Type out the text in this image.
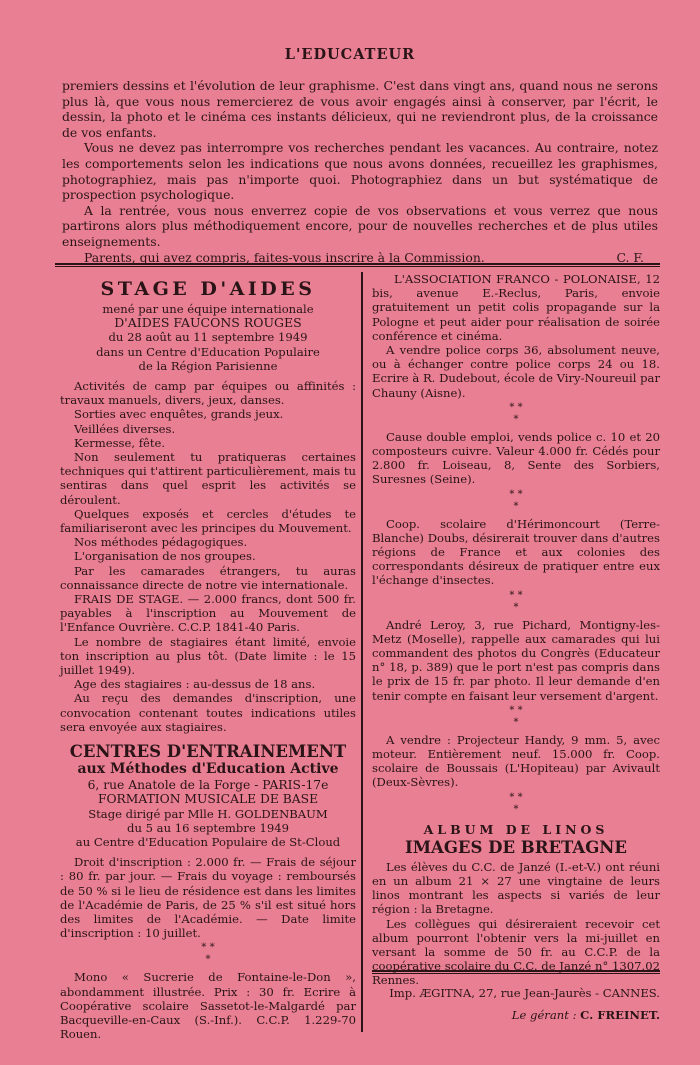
L'EDUCATEUR

premiers dessins et l'évolution de leur graphisme. C'est dans vingt ans, quand nous ne serons plus là, que vous nous remercierez de vous avoir engagés ainsi à conserver, par l'écrit, le dessin, la photo et le cinéma ces instants délicieux, qui ne reviendront plus, de la croissance de vos enfants.

Vous ne devez pas interrompre vos recherches pendant les vacances. Au contraire, notez les comportements selon les indications que nous avons données, recueillez les graphismes, photographiez, mais pas n'importe quoi. Photographiez dans un but systématique de prospection psychologique.

A la rentrée, vous nous enverrez copie de vos observations et vous verrez que nous partirons alors plus méthodiquement encore, pour de nouvelles recherches et de plus utiles enseignements.

Parents, qui avez compris, faites-vous inscrire à la Commission.	C. F.
STAGE D'AIDES

mené par une équipe internationale

D'AIDES FAUCONS ROUGES

du 28 août au 11 septembre 1949

dans un Centre d'Education Populaire

de la Région Parisienne

Activités de camp par équipes ou affinités : travaux manuels, divers, jeux, danses.

Sorties avec enquêtes, grands jeux.

Veillées diverses.

Kermesse, fête.

Non seulement tu pratiqueras certaines techniques qui t'attirent particulièrement, mais tu sentiras dans quel esprit les activités se déroulent.

Quelques exposés et cercles d'études te familiariseront avec les principes du Mouvement.

Nos méthodes pédagogiques.

L'organisation de nos groupes.

Par les camarades étrangers, tu auras connaissance directe de notre vie internationale.

FRAIS DE STAGE. — 2.000 francs, dont 500 fr. payables à l'inscription au Mouvement de l'Enfance Ouvrière. C.C.P. 1841-40 Paris.

Le nombre de stagiaires étant limité, envoie ton inscription au plus tôt. (Date limite : le 15 juillet 1949).

Age des stagiaires : au-dessus de 18 ans.

Au reçu des demandes d'inscription, une convocation contenant toutes indications utiles sera envoyée aux stagiaires.

CENTRES D'ENTRAINEMENT
aux Méthodes d'Education Active

6, rue Anatole de la Forge - PARIS-17e

FORMATION MUSICALE DE BASE

Stage dirigé par Mlle H. GOLDENBAUM

du 5 au 16 septembre 1949

au Centre d'Education Populaire de St-Cloud

Droit d'inscription : 2.000 fr. — Frais de séjour : 80 fr. par jour. — Frais du voyage : remboursés de 50 % si le lieu de résidence est dans les limites de l'Académie de Paris, de 25 % s'il est situé hors des limites de l'Académie. — Date limite d'inscription : 10 juillet.

* *
*

Mono « Sucrerie de Fontaine-le-Don », abondamment illustrée. Prix : 30 fr. Ecrire à Coopérative scolaire Sassetot-le-Malgardé par Bacqueville-en-Caux (S.-Inf.). C.C.P. 1.229-70 Rouen.

L'ASSOCIATION FRANCO - POLONAISE, 12 bis, avenue E.-Reclus, Paris, envoie gratuitement un petit colis propagande sur la Pologne et peut aider pour réalisation de soirée conférence et cinéma.

A vendre police corps 36, absolument neuve, ou à échanger contre police corps 24 ou 18. Ecrire à R. Dudebout, école de Viry-Noureuil par Chauny (Aisne).

* *
*

Cause double emploi, vends police c. 10 et 20 composteurs cuivre. Valeur 4.000 fr. Cédés pour 2.800 fr. Loiseau, 8, Sente des Sorbiers, Suresnes (Seine).

* *
*

Coop. scolaire d'Hérimoncourt (Terre-Blanche) Doubs, désirerait trouver dans d'autres régions de France et aux colonies des correspondants désireux de pratiquer entre eux l'échange d'insectes.

* *
*

André Leroy, 3, rue Pichard, Montigny-les-Metz (Moselle), rappelle aux camarades qui lui commandent des photos du Congrès (Educateur n° 18, p. 389) que le port n'est pas compris dans le prix de 15 fr. par photo. Il leur demande d'en tenir compte en faisant leur versement d'argent.

* *
*

A vendre : Projecteur Handy, 9 mm. 5, avec moteur. Entièrement neuf. 15.000 fr. Coop. scolaire de Boussais (L'Hopiteau) par Avivault (Deux-Sèvres).

* *
*
ALBUM DE LINOS
IMAGES DE BRETAGNE

Les élèves du C.C. de Janzé (I.-et-V.) ont réuni en un album 21 × 27 une vingtaine de leurs linos montrant les aspects si variés de leur région : la Bretagne.

Les collègues qui désireraient recevoir cet album pourront l'obtenir vers la mi-juillet en versant la somme de 50 fr. au C.C.P. de la coopérative scolaire du C.C. de Janzé n° 1307.02 Rennes.

Imp. ÆGITNA, 27, rue Jean-Jaurès - CANNES.
Le gérant : C. FREINET.
